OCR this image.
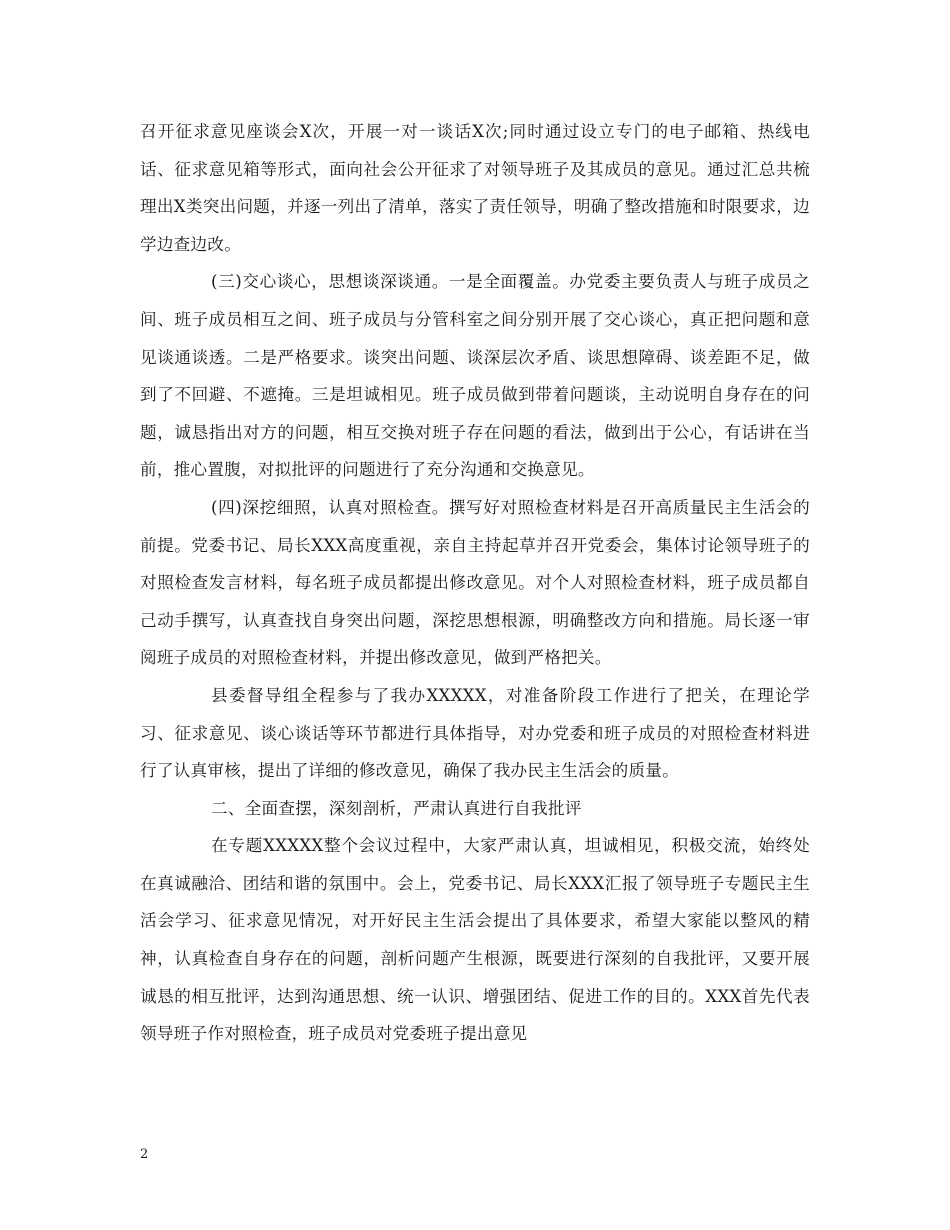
召开征求意见座谈会X次，开展一对一谈话X次;同时通过设立专门的电子邮箱、热线电话、征求意见箱等形式，面向社会公开征求了对领导班子及其成员的意见。通过汇总共梳理出X类突出问题，并逐一列出了清单，落实了责任领导，明确了整改措施和时限要求，边学边查边改。

(三)交心谈心，思想谈深谈通。一是全面覆盖。办党委主要负责人与班子成员之间、班子成员相互之间、班子成员与分管科室之间分别开展了交心谈心，真正把问题和意见谈通谈透。二是严格要求。谈突出问题、谈深层次矛盾、谈思想障碍、谈差距不足，做到了不回避、不遮掩。三是坦诚相见。班子成员做到带着问题谈，主动说明自身存在的问题，诚恳指出对方的问题，相互交换对班子存在问题的看法，做到出于公心，有话讲在当前，推心置腹，对拟批评的问题进行了充分沟通和交换意见。

(四)深挖细照，认真对照检查。撰写好对照检查材料是召开高质量民主生活会的前提。党委书记、局长XXX高度重视，亲自主持起草并召开党委会，集体讨论领导班子的对照检查发言材料，每名班子成员都提出修改意见。对个人对照检查材料，班子成员都自己动手撰写，认真查找自身突出问题，深挖思想根源，明确整改方向和措施。局长逐一审阅班子成员的对照检查材料，并提出修改意见，做到严格把关。

县委督导组全程参与了我办XXXXX，对准备阶段工作进行了把关，在理论学习、征求意见、谈心谈话等环节都进行具体指导，对办党委和班子成员的对照检查材料进行了认真审核，提出了详细的修改意见，确保了我办民主生活会的质量。

二、全面查摆，深刻剖析，严肃认真进行自我批评

在专题XXXXX整个会议过程中，大家严肃认真，坦诚相见，积极交流，始终处在真诚融洽、团结和谐的氛围中。会上，党委书记、局长XXX汇报了领导班子专题民主生活会学习、征求意见情况，对开好民主生活会提出了具体要求，希望大家能以整风的精神，认真检查自身存在的问题，剖析问题产生根源，既要进行深刻的自我批评，又要开展诚恳的相互批评，达到沟通思想、统一认识、增强团结、促进工作的目的。XXX首先代表领导班子作对照检查，班子成员对党委班子提出意见

2
